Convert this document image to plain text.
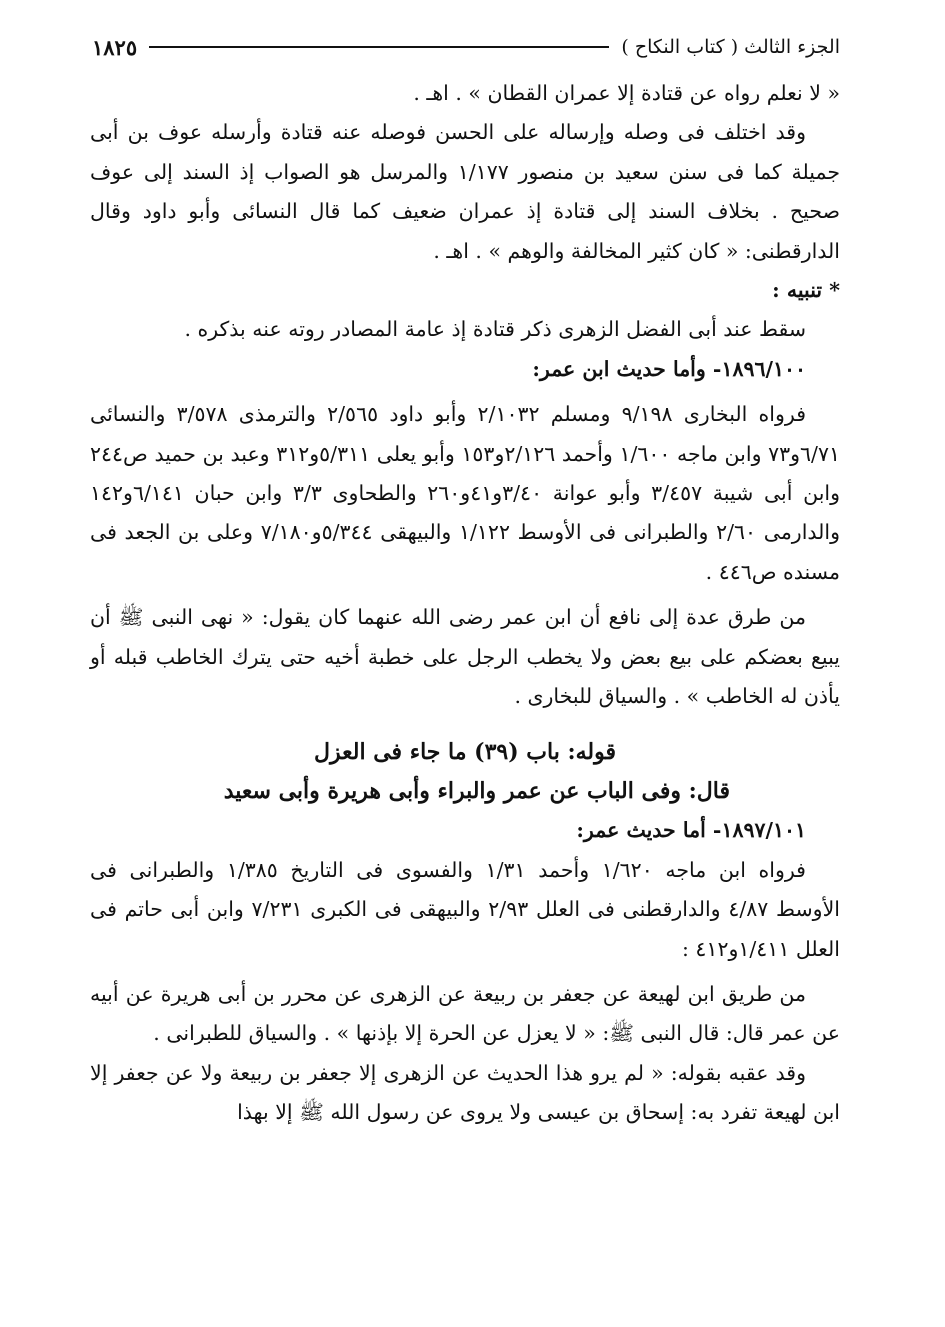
الجزء الثالث ( كتاب النكاح )
١٨٢٥

« لا نعلم رواه عن قتادة إلا عمران القطان » . اهـ .

وقد اختلف فى وصله وإرساله على الحسن فوصله عنه قتادة وأرسله عوف بن أبى جميلة كما فى سنن سعيد بن منصور ١/١٧٧ والمرسل هو الصواب إذ السند إلى عوف صحيح . بخلاف السند إلى قتادة إذ عمران ضعيف كما قال النسائى وأبو داود وقال الدارقطنى: « كان كثير المخالفة والوهم » . اهـ .

* تنبيه :

سقط عند أبى الفضل الزهرى ذكر قتادة إذ عامة المصادر روته عنه بذكره .

١٨٩٦/١٠٠- وأما حديث ابن عمر:

فرواه البخارى ٩/١٩٨ ومسلم ٢/١٠٣٢ وأبو داود ٢/٥٦٥ والترمذى ٣/٥٧٨ والنسائى ٦/٧١و٧٣ وابن ماجه ١/٦٠٠ وأحمد ٢/١٢٦و١٥٣ وأبو يعلى ٥/٣١١و٣١٢ وعبد بن حميد ص٢٤٤ وابن أبى شيبة ٣/٤٥٧ وأبو عوانة ٣/٤٠و٤١و٢٦٠ والطحاوى ٣/٣ وابن حبان ٦/١٤١و١٤٢ والدارمى ٢/٦٠ والطبرانى فى الأوسط ١/١٢٢ والبيهقى ٥/٣٤٤و٧/١٨٠ وعلى بن الجعد فى مسنده ص٤٤٦ .

من طرق عدة إلى نافع أن ابن عمر رضى الله عنهما كان يقول: « نهى النبى ﷺ أن يبيع بعضكم على بيع بعض ولا يخطب الرجل على خطبة أخيه حتى يترك الخاطب قبله أو يأذن له الخاطب » . والسياق للبخارى .

قوله: باب (٣٩) ما جاء فى العزل

قال: وفى الباب عن عمر والبراء وأبى هريرة وأبى سعيد

١٨٩٧/١٠١- أما حديث عمر:

فرواه ابن ماجه ١/٦٢٠ وأحمد ١/٣١ والفسوى فى التاريخ ١/٣٨٥ والطبرانى فى الأوسط ٤/٨٧ والدارقطنى فى العلل ٢/٩٣ والبيهقى فى الكبرى ٧/٢٣١ وابن أبى حاتم فى العلل ١/٤١١و٤١٢ :

من طريق ابن لهيعة عن جعفر بن ربيعة عن الزهرى عن محرر بن أبى هريرة عن أبيه عن عمر قال: قال النبى ﷺ: « لا يعزل عن الحرة إلا بإذنها » . والسياق للطبرانى .

وقد عقبه بقوله: « لم يرو هذا الحديث عن الزهرى إلا جعفر بن ربيعة ولا عن جعفر إلا ابن لهيعة تفرد به: إسحاق بن عيسى ولا يروى عن رسول الله ﷺ إلا بهذا
